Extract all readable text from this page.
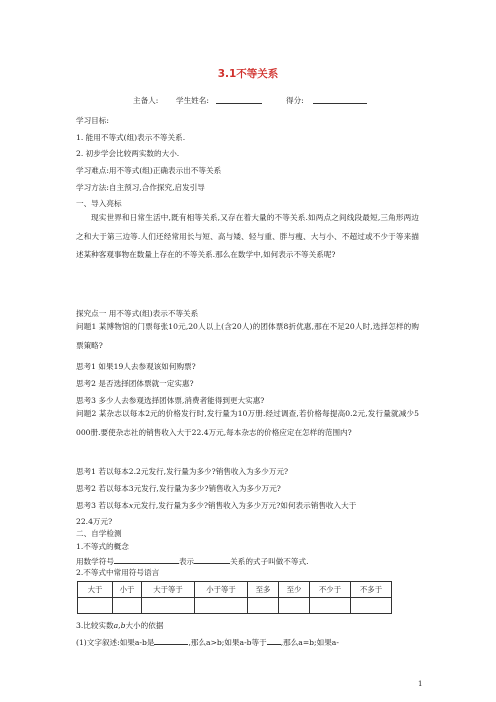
3.1不等关系
主备人: 学生姓名:	得分:
学习目标:
1. 能用不等式(组)表示不等关系.
2. 初步学会比较两实数的大小.
学习难点:用不等式(组)正确表示出不等关系
学习方法:自主预习,合作探究,启发引导
一、导入亮标
现实世界和日常生活中,既有相等关系,又存在着大量的不等关系.如两点之间线段最短,三角形两边之和大于第三边等.人们还经常用长与短、高与矮、轻与重、胖与瘦、大与小、不超过或不少于等来描述某种客观事物在数量上存在的不等关系.那么在数学中,如何表示不等关系呢?
探究点一 用不等式(组)表示不等关系
问题1 某博物馆的门票每张10元,20人以上(含20人)的团体票8折优惠,那在不足20人时,选择怎样的购票策略?
思考1 如果19人去参观该如何购票?
思考2 是否选择团体票就一定实惠?
思考3 多少人去参观选择团体票,消费者能得到更大实惠?
问题2 某杂志以每本2元的价格发行时,发行量为10万册.经过调查,若价格每提高0.2元,发行量就减少5 000册.要使杂志社的销售收入大于22.4万元,每本杂志的价格应定在怎样的范围内?
思考1 若以每本2.2元发行,发行量为多少?销售收入为多少万元?
思考2 若以每本3元发行,发行量为多少?销售收入为多少万元?
思考3 若以每本x元发行,发行量为多少?销售收入为多少万元?如何表示销售收入大于
22.4万元?
二、自学检测
1.不等式的概念
用数学符号	表示	关系的式子叫做不等式.
2.不等式中常用符号语言
大于	小于	大于等于	小于等于	至多	至少	不少于	不多于

3.比较实数a,b大小的依据
(1)文字叙述:如果a-b是	,那么a>b;如果a-b等于 ,那么a=b;如果a-
1
